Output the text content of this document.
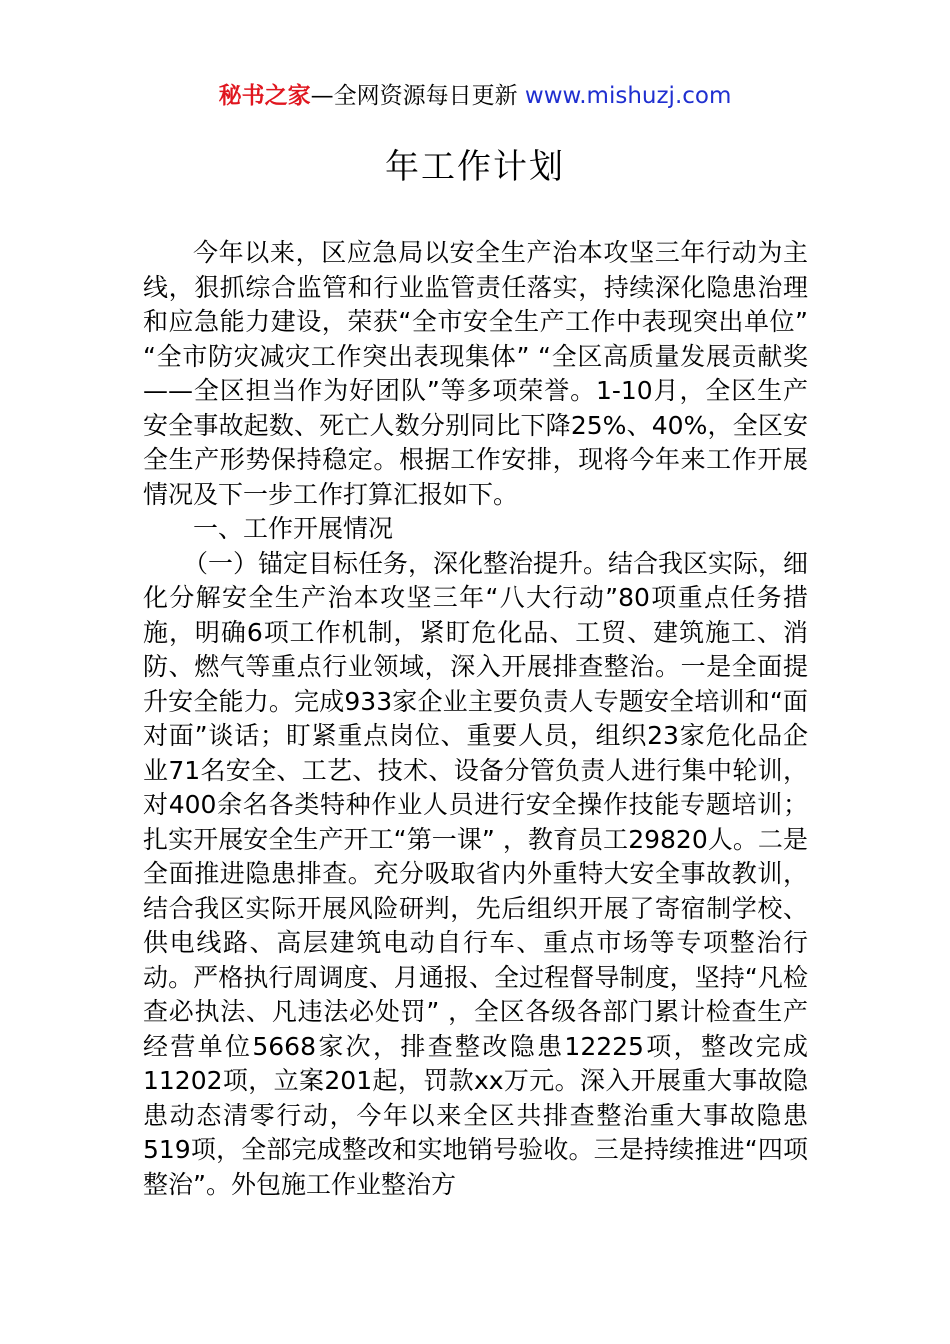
秘书之家—全网资源每日更新 www.mishuzj.com
年工作计划

今年以来，区应急局以安全生产治本攻坚三年行动为主线，狠抓综合监管和行业监管责任落实，持续深化隐患治理和应急能力建设，荣获“全市安全生产工作中表现突出单位” “全市防灾减灾工作突出表现集体” “全区高质量发展贡献奖——全区担当作为好团队”等多项荣誉。1-10月，全区生产安全事故起数、死亡人数分别同比下降25%、40%，全区安全生产形势保持稳定。根据工作安排，现将今年来工作开展情况及下一步工作打算汇报如下。

一、工作开展情况

（一）锚定目标任务，深化整治提升。结合我区实际，细化分解安全生产治本攻坚三年“八大行动”80项重点任务措施，明确6项工作机制，紧盯危化品、工贸、建筑施工、消防、燃气等重点行业领域，深入开展排查整治。一是全面提升安全能力。完成933家企业主要负责人专题安全培训和“面对面”谈话；盯紧重点岗位、重要人员，组织23家危化品企业71名安全、工艺、技术、设备分管负责人进行集中轮训，对400余名各类特种作业人员进行安全操作技能专题培训；扎实开展安全生产开工“第一课” ，教育员工29820人。二是全面推进隐患排查。充分吸取省内外重特大安全事故教训，结合我区实际开展风险研判，先后组织开展了寄宿制学校、供电线路、高层建筑电动自行车、重点市场等专项整治行动。严格执行周调度、月通报、全过程督导制度，坚持“凡检查必执法、凡违法必处罚” ，全区各级各部门累计检查生产经营单位5668家次，排查整改隐患12225项，整改完成11202项，立案201起，罚款xx万元。深入开展重大事故隐患动态清零行动，今年以来全区共排查整治重大事故隐患519项，全部完成整改和实地销号验收。三是持续推进“四项整治”。外包施工作业整治方
